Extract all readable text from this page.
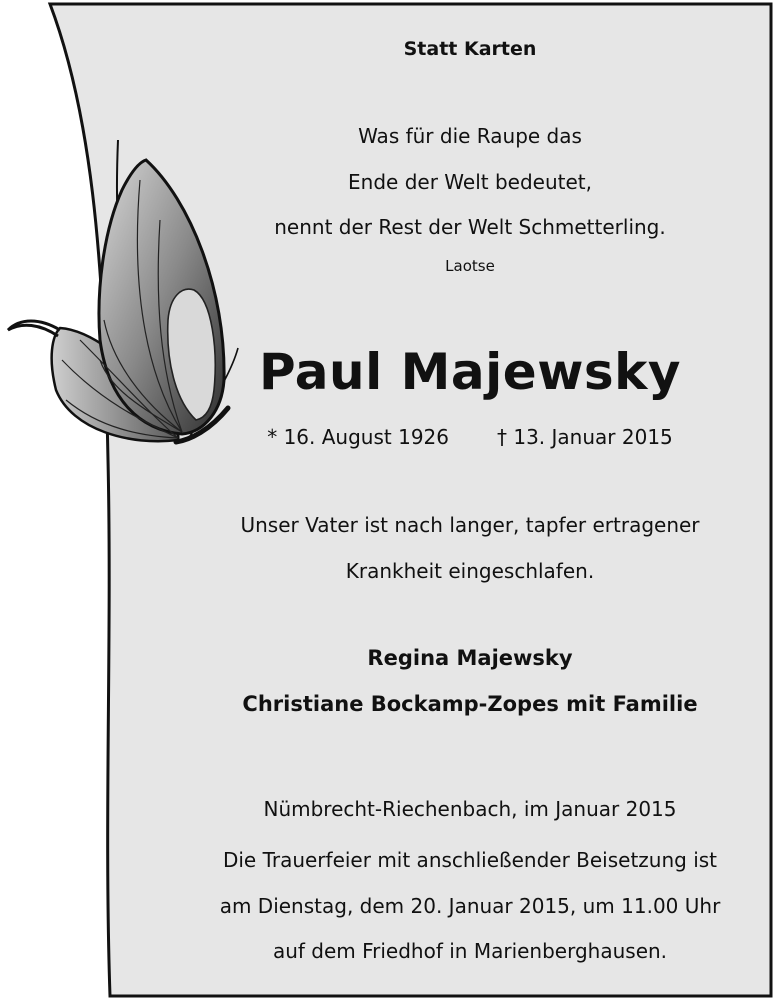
Statt Karten
Was für die Raupe das
Ende der Welt bedeutet,
nennt der Rest der Welt Schmetterling.
Laotse
Paul Majewsky
* 16. August 1926 † 13. Januar 2015
Unser Vater ist nach langer, tapfer ertragener
Krankheit eingeschlafen.
Regina Majewsky
Christiane Bockamp-Zopes mit Familie
Nümbrecht-Riechenbach, im Januar 2015
Die Trauerfeier mit anschließender Beisetzung ist
am Dienstag, dem 20. Januar 2015, um 11.00 Uhr
auf dem Friedhof in Marienberghausen.
